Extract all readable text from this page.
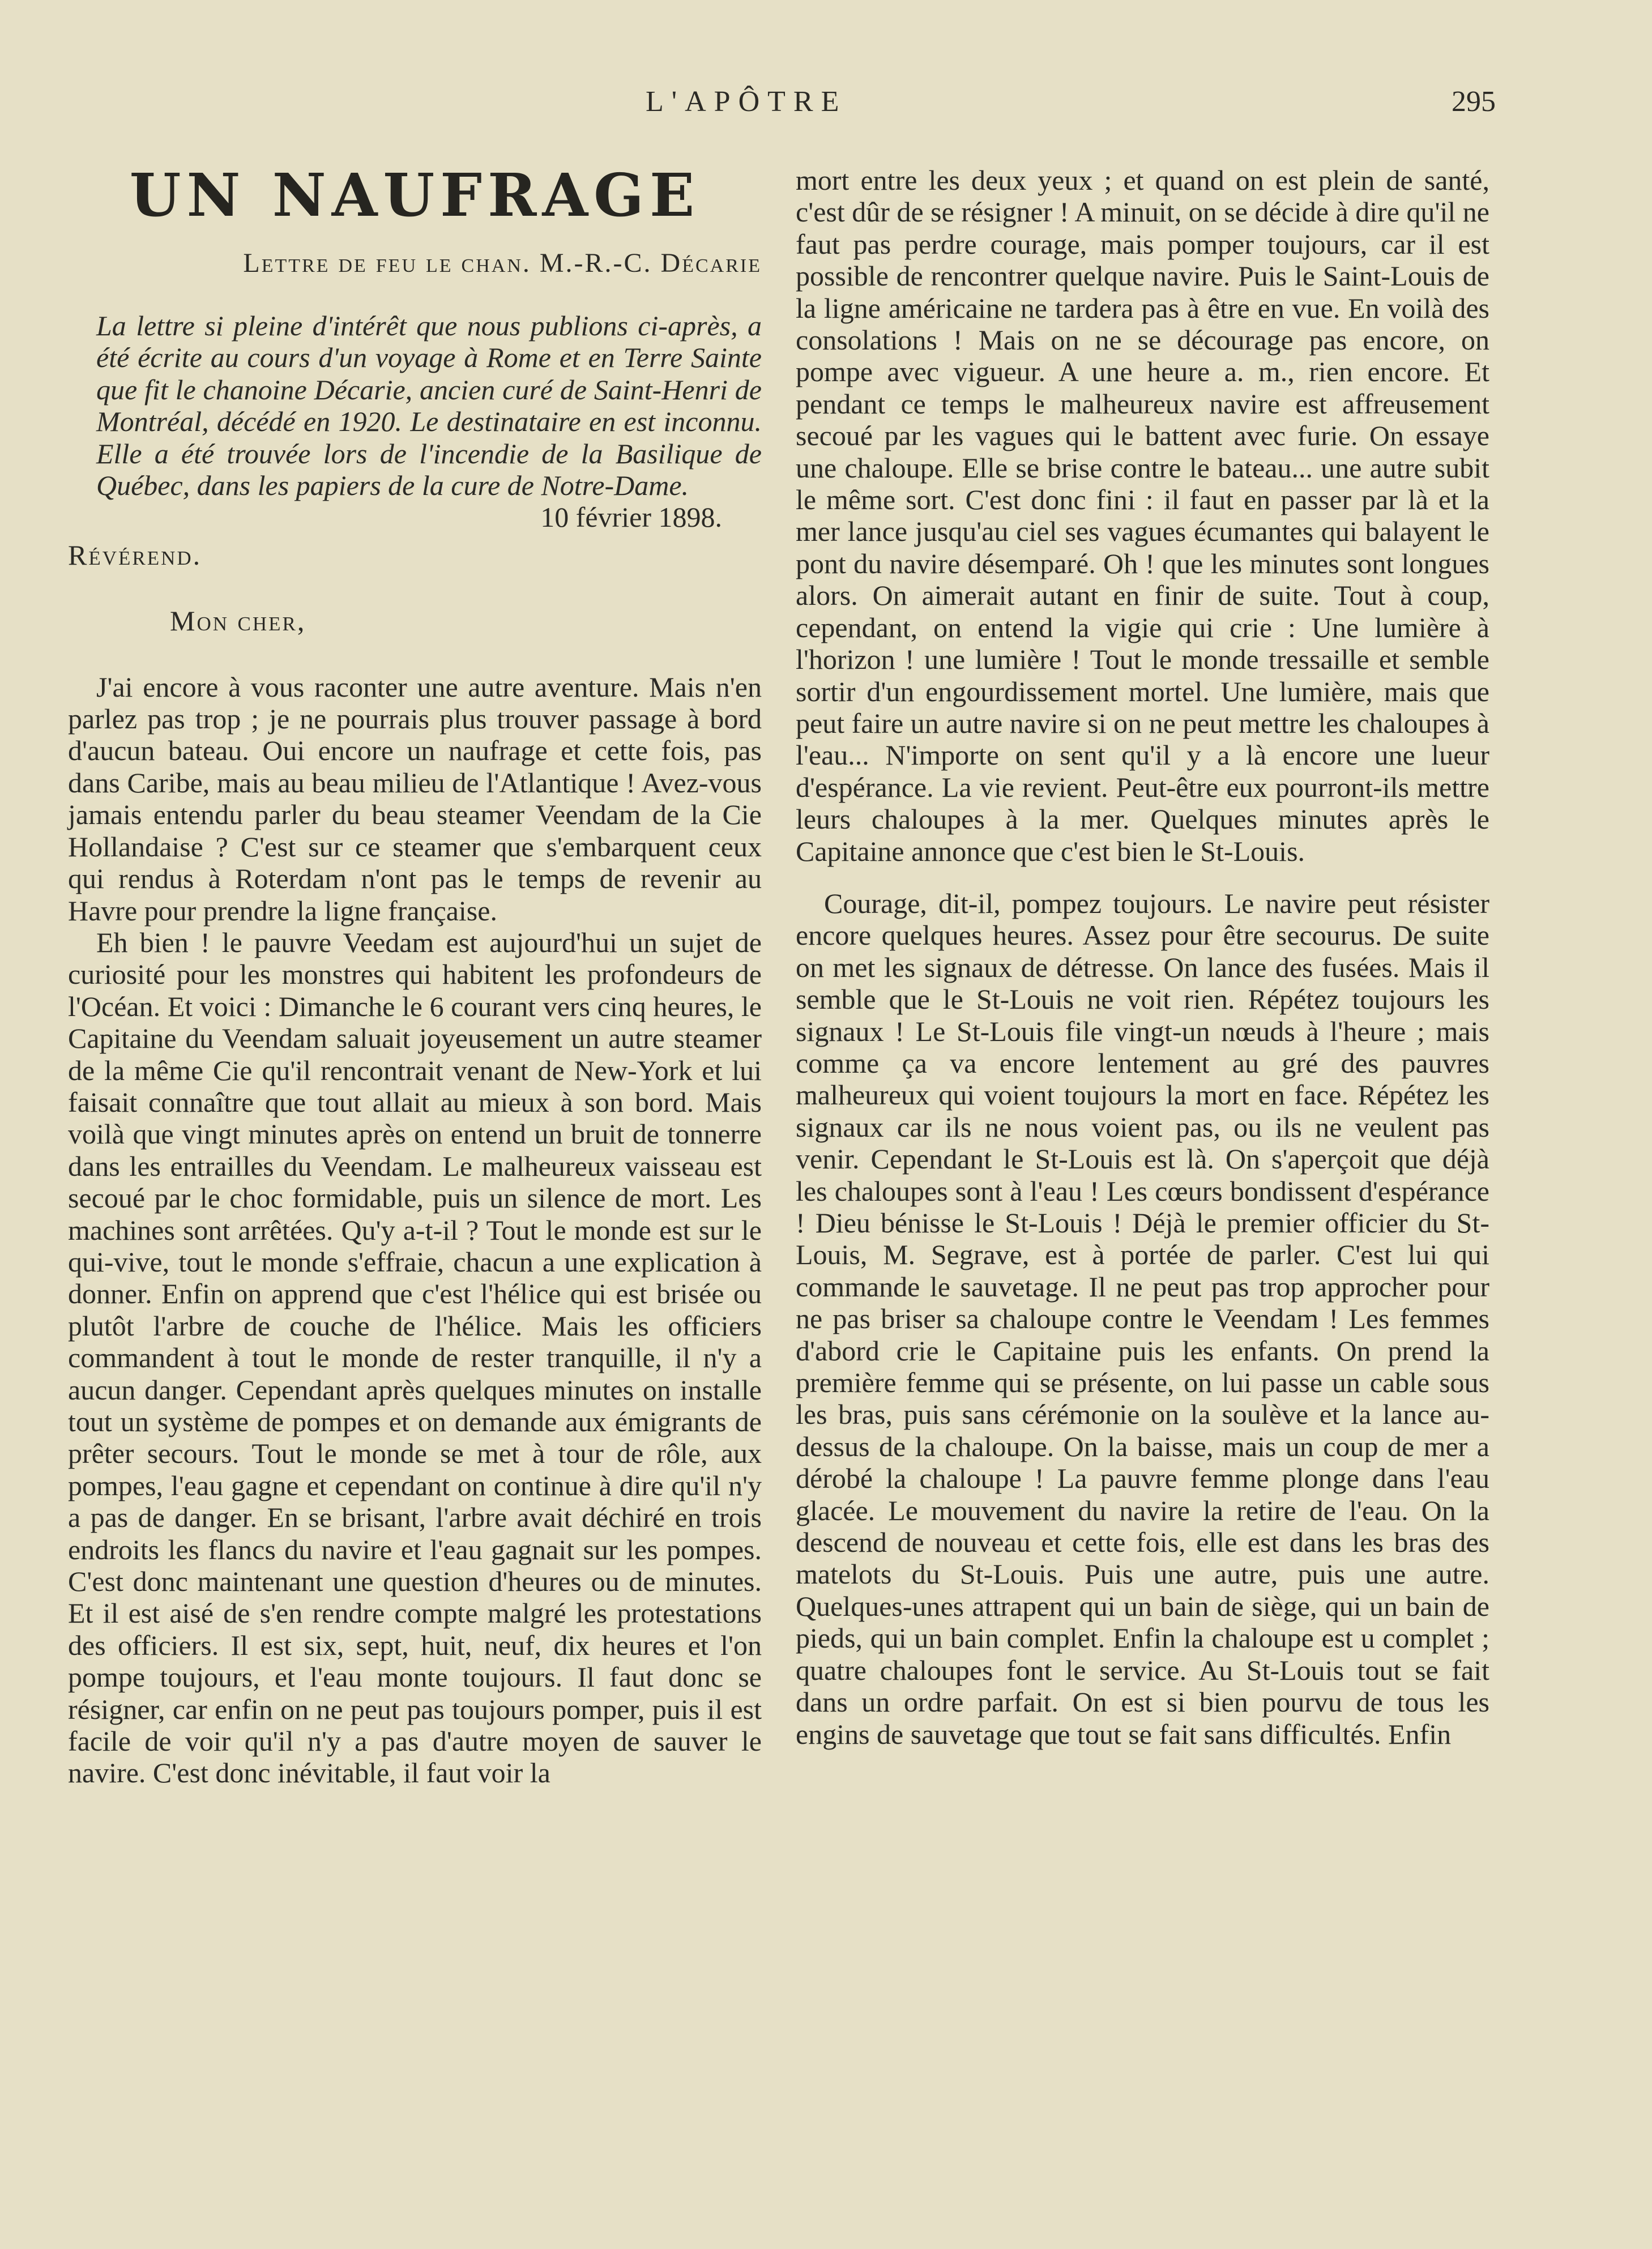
L'APÔTRE	295
UN NAUFRAGE
Lettre de feu le chan. M.-R.-C. Décarie

La lettre si pleine d'intérêt que nous publions ci-après, a été écrite au cours d'un voyage à Rome et en Terre Sainte que fit le chanoine Décarie, ancien curé de Saint-Henri de Montréal, décédé en 1920. Le destinataire en est inconnu. Elle a été trouvée lors de l'incendie de la Basilique de Québec, dans les papiers de la cure de Notre-Dame.

10 février 1898.
Révérend.
Mon cher,

J'ai encore à vous raconter une autre aventure. Mais n'en parlez pas trop ; je ne pourrais plus trouver passage à bord d'aucun bateau. Oui encore un naufrage et cette fois, pas dans Caribe, mais au beau milieu de l'Atlantique ! Avez-vous jamais entendu parler du beau steamer Veendam de la Cie Hollandaise ? C'est sur ce steamer que s'embarquent ceux qui rendus à Roterdam n'ont pas le temps de revenir au Havre pour prendre la ligne française.

Eh bien ! le pauvre Veedam est aujourd'hui un sujet de curiosité pour les monstres qui habitent les profondeurs de l'Océan. Et voici : Dimanche le 6 courant vers cinq heures, le Capitaine du Veendam saluait joyeusement un autre steamer de la même Cie qu'il rencontrait venant de New-York et lui faisait connaître que tout allait au mieux à son bord. Mais voilà que vingt minutes après on entend un bruit de tonnerre dans les entrailles du Veendam. Le malheureux vaisseau est secoué par le choc formidable, puis un silence de mort. Les machines sont arrêtées. Qu'y a-t-il ? Tout le monde est sur le qui-vive, tout le monde s'effraie, chacun a une explication à donner. Enfin on apprend que c'est l'hélice qui est brisée ou plutôt l'arbre de couche de l'hélice. Mais les officiers commandent à tout le monde de rester tranquille, il n'y a aucun danger. Cependant après quelques minutes on installe tout un système de pompes et on demande aux émigrants de prêter secours. Tout le monde se met à tour de rôle, aux pompes, l'eau gagne et cependant on continue à dire qu'il n'y a pas de danger. En se brisant, l'arbre avait déchiré en trois endroits les flancs du navire et l'eau gagnait sur les pompes. C'est donc maintenant une question d'heures ou de minutes. Et il est aisé de s'en rendre compte malgré les protestations des officiers. Il est six, sept, huit, neuf, dix heures et l'on pompe toujours, et l'eau monte toujours. Il faut donc se résigner, car enfin on ne peut pas toujours pomper, puis il est facile de voir qu'il n'y a pas d'autre moyen de sauver le navire. C'est donc inévitable, il faut voir la

mort entre les deux yeux ; et quand on est plein de santé, c'est dûr de se résigner ! A minuit, on se décide à dire qu'il ne faut pas perdre courage, mais pomper toujours, car il est possible de rencontrer quelque navire. Puis le Saint-Louis de la ligne américaine ne tardera pas à être en vue. En voilà des consolations ! Mais on ne se décourage pas encore, on pompe avec vigueur. A une heure a. m., rien encore. Et pendant ce temps le malheureux navire est affreusement secoué par les vagues qui le battent avec furie. On essaye une chaloupe. Elle se brise contre le bateau... une autre subit le même sort. C'est donc fini : il faut en passer par là et la mer lance jusqu'au ciel ses vagues écumantes qui balayent le pont du navire désemparé. Oh ! que les minutes sont longues alors. On aimerait autant en finir de suite. Tout à coup, cependant, on entend la vigie qui crie : Une lumière à l'horizon ! une lumière ! Tout le monde tressaille et semble sortir d'un engourdissement mortel. Une lumière, mais que peut faire un autre navire si on ne peut mettre les chaloupes à l'eau... N'importe on sent qu'il y a là encore une lueur d'espérance. La vie revient. Peut-être eux pourront-ils mettre leurs chaloupes à la mer. Quelques minutes après le Capitaine annonce que c'est bien le St-Louis.

Courage, dit-il, pompez toujours. Le navire peut résister encore quelques heures. Assez pour être secourus. De suite on met les signaux de détresse. On lance des fusées. Mais il semble que le St-Louis ne voit rien. Répétez toujours les signaux ! Le St-Louis file vingt-un nœuds à l'heure ; mais comme ça va encore lentement au gré des pauvres malheureux qui voient toujours la mort en face. Répétez les signaux car ils ne nous voient pas, ou ils ne veulent pas venir. Cependant le St-Louis est là. On s'aperçoit que déjà les chaloupes sont à l'eau ! Les cœurs bondissent d'espérance ! Dieu bénisse le St-Louis ! Déjà le premier officier du St-Louis, M. Segrave, est à portée de parler. C'est lui qui commande le sauvetage. Il ne peut pas trop approcher pour ne pas briser sa chaloupe contre le Veendam ! Les femmes d'abord crie le Capitaine puis les enfants. On prend la première femme qui se présente, on lui passe un cable sous les bras, puis sans cérémonie on la soulève et la lance au-dessus de la chaloupe. On la baisse, mais un coup de mer a dérobé la chaloupe ! La pauvre femme plonge dans l'eau glacée. Le mouvement du navire la retire de l'eau. On la descend de nouveau et cette fois, elle est dans les bras des matelots du St-Louis. Puis une autre, puis une autre. Quelques-unes attrapent qui un bain de siège, qui un bain de pieds, qui un bain complet. Enfin la chaloupe est u complet ; quatre chaloupes font le service. Au St-Louis tout se fait dans un ordre parfait. On est si bien pourvu de tous les engins de sauvetage que tout se fait sans difficultés. Enfin
